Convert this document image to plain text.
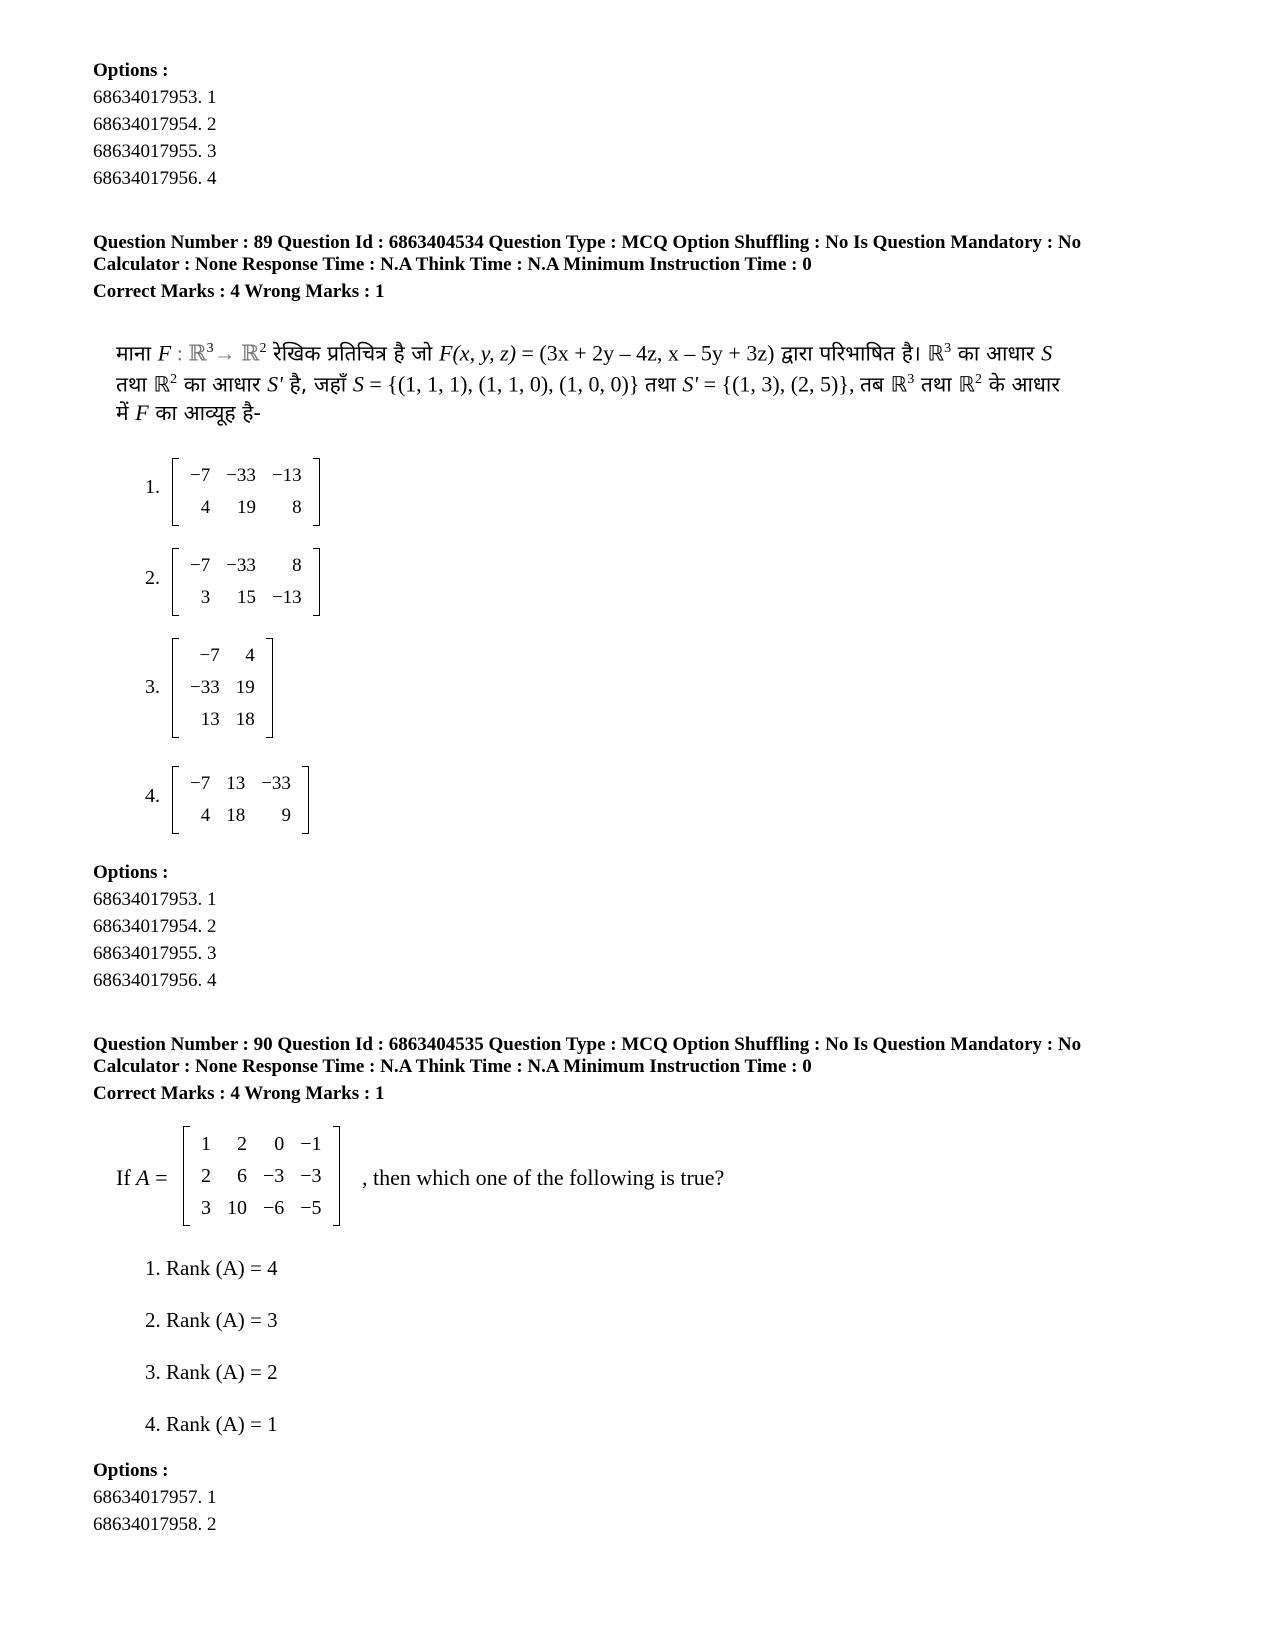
Options :
68634017953. 1
68634017954. 2
68634017955. 3
68634017956. 4
Question Number : 89 Question Id : 6863404534 Question Type : MCQ Option Shuffling : No Is Question Mandatory : No
Calculator : None Response Time : N.A Think Time : N.A Minimum Instruction Time : 0
Correct Marks : 4 Wrong Marks : 1
माना F : ℝ$^3$→ ℝ$^2$ रेखिक प्रतिचित्र है जो F(x, y, z) = (3x + 2y – 4z, x – 5y + 3z) द्वारा परिभाषित है। ℝ$^3$ का आधार S
तथा ℝ$^2$ का आधार S' है, जहाँ S = {(1, 1, 1), (1, 1, 0), (1, 0, 0)} तथा S' = {(1, 3), (2, 5)}, तब ℝ$^3$ तथा ℝ$^2$ के आधार
में F का आव्यूह है-
1.
−7	−33	−13
4	19	8
2.
−7	−33	8
3	15	−13
3.
−7	4
−33	19
13	18
4.
−7	13	−33
4	18	9
Options :
68634017953. 1
68634017954. 2
68634017955. 3
68634017956. 4
Question Number : 90 Question Id : 6863404535 Question Type : MCQ Option Shuffling : No Is Question Mandatory : No
Calculator : None Response Time : N.A Think Time : N.A Minimum Instruction Time : 0
Correct Marks : 4 Wrong Marks : 1
If A =
1	2	0	−1
2	6	−3	−3
3	10	−6	−5
, then which one of the following is true?
1. Rank (A) = 4
2. Rank (A) = 3
3. Rank (A) = 2
4. Rank (A) = 1
Options :
68634017957. 1
68634017958. 2
